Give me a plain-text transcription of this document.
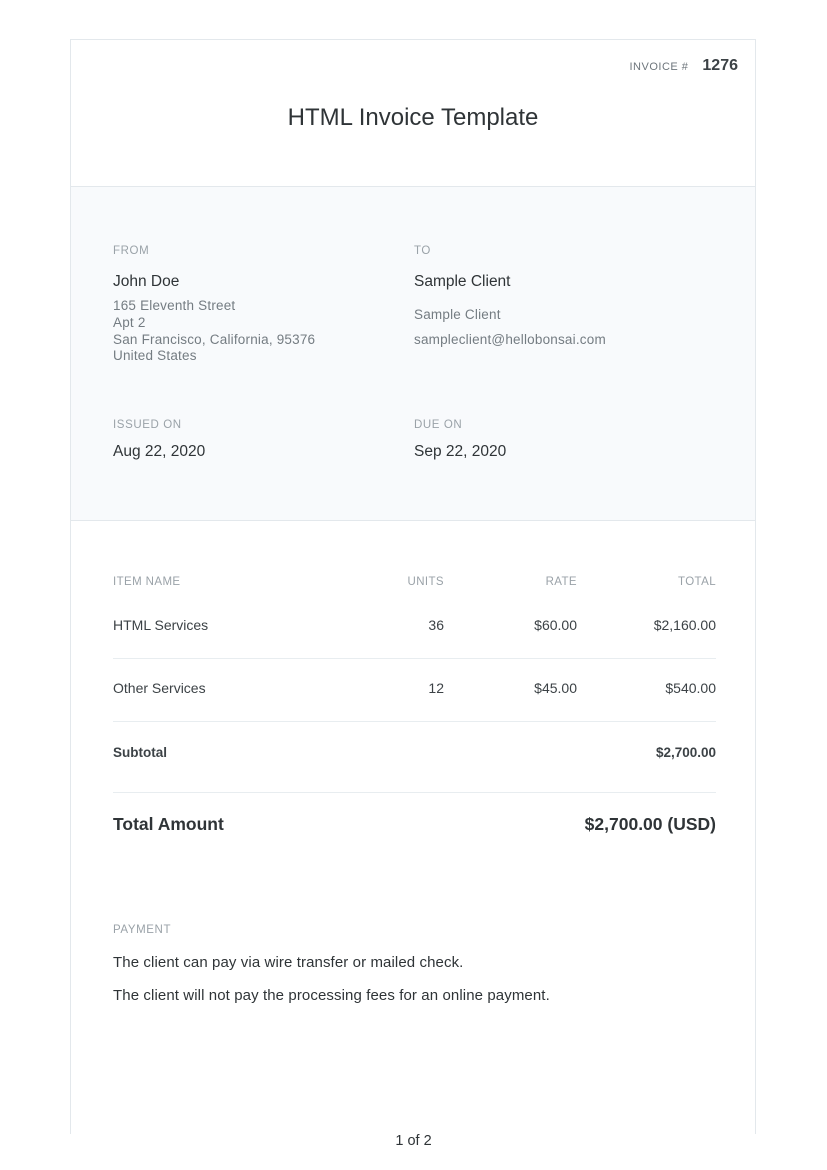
INVOICE # 1276
HTML Invoice Template
FROM
John Doe
165 Eleventh Street
Apt 2
San Francisco, California, 95376
United States
TO
Sample Client
Sample Client
sampleclient@hellobonsai.com
ISSUED ON
Aug 22, 2020
DUE ON
Sep 22, 2020
ITEM NAME	UNITS	RATE	TOTAL
HTML Services	36	$60.00	$2,160.00
Other Services	12	$45.00	$540.00
Subtotal	$2,700.00
Total Amount	$2,700.00 (USD)
PAYMENT
The client can pay via wire transfer or mailed check.
The client will not pay the processing fees for an online payment.
1 of 2
